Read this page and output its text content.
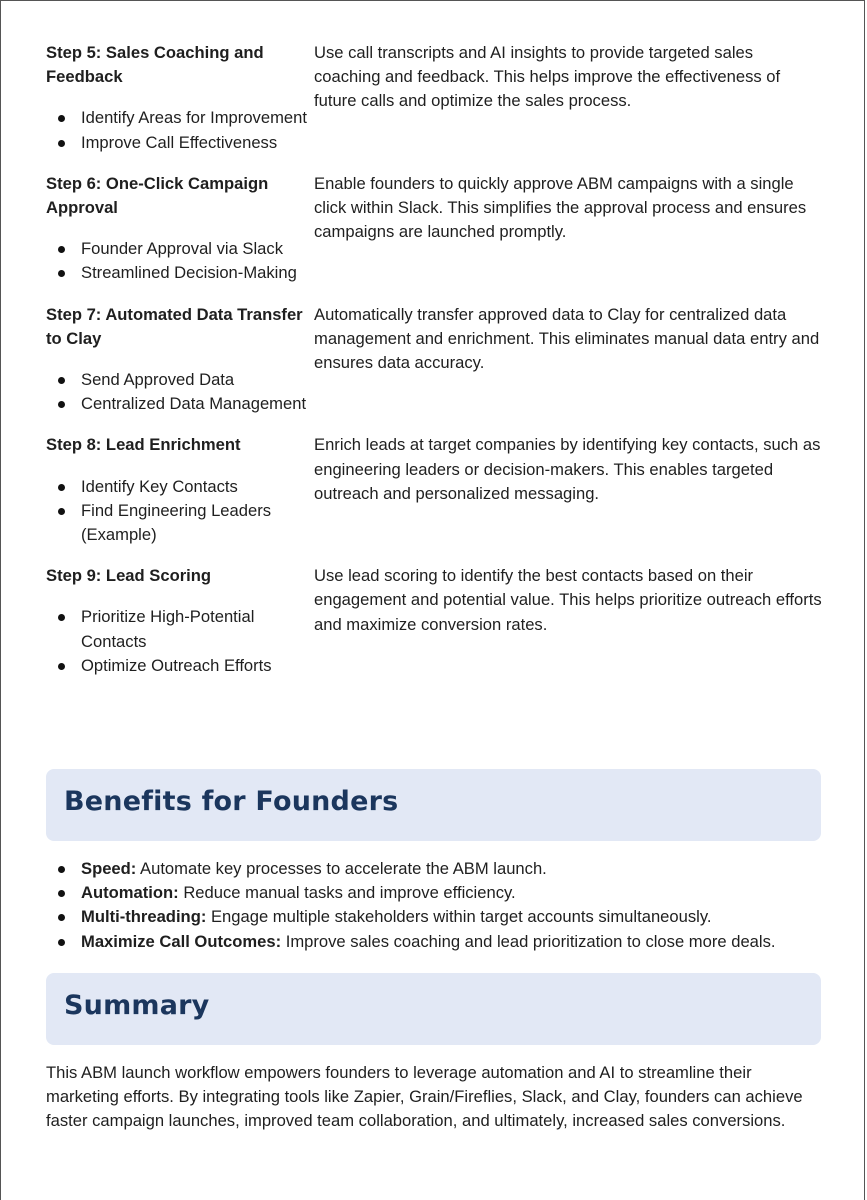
Step 5: Sales Coaching and Feedback

Identify Areas for Improvement
Improve Call Effectiveness
Use call transcripts and AI insights to provide targeted sales coaching and feedback. This helps improve the effectiveness of future calls and optimize the sales process.

Step 6: One-Click Campaign Approval

Founder Approval via Slack
Streamlined Decision-Making
Enable founders to quickly approve ABM campaigns with a single click within Slack. This simplifies the approval process and ensures campaigns are launched promptly.

Step 7: Automated Data Transfer to Clay

Send Approved Data
Centralized Data Management
Automatically transfer approved data to Clay for centralized data management and enrichment. This eliminates manual data entry and ensures data accuracy.

Step 8: Lead Enrichment

Identify Key Contacts
Find Engineering Leaders (Example)
Enrich leads at target companies by identifying key contacts, such as engineering leaders or decision-makers. This enables targeted outreach and personalized messaging.

Step 9: Lead Scoring

Prioritize High-Potential Contacts
Optimize Outreach Efforts
Use lead scoring to identify the best contacts based on their engagement and potential value. This helps prioritize outreach efforts and maximize conversion rates.
Benefits for Founders
Speed: Automate key processes to accelerate the ABM launch.
Automation: Reduce manual tasks and improve efficiency.
Multi-threading: Engage multiple stakeholders within target accounts simultaneously.
Maximize Call Outcomes: Improve sales coaching and lead prioritization to close more deals.
Summary

This ABM launch workflow empowers founders to leverage automation and AI to streamline their marketing efforts. By integrating tools like Zapier, Grain/Fireflies, Slack, and Clay, founders can achieve faster campaign launches, improved team collaboration, and ultimately, increased sales conversions.
